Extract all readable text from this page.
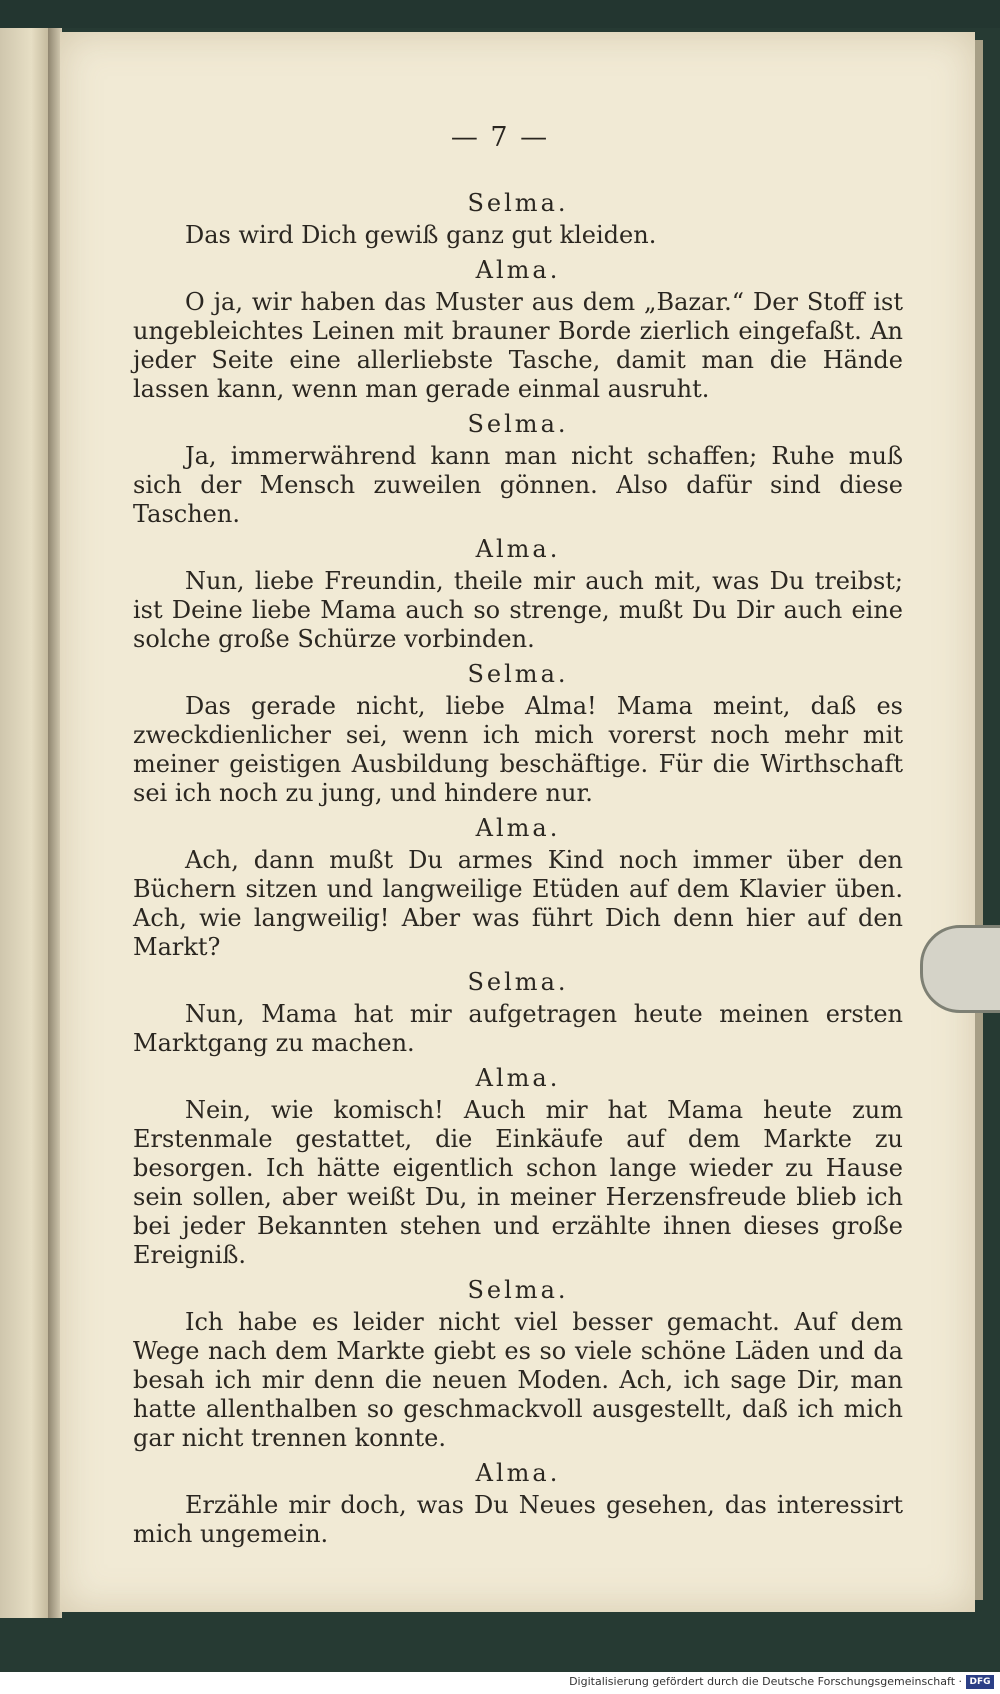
— 7 —
Selma.

Das wird Dich gewiß ganz gut kleiden.

Alma.

O ja, wir haben das Muster aus dem „Bazar.“ Der Stoff ist ungebleichtes Leinen mit brauner Borde zierlich eingefaßt. An jeder Seite eine allerliebste Tasche, damit man die Hände lassen kann, wenn man gerade einmal ausruht.

Selma.

Ja, immerwährend kann man nicht schaffen; Ruhe muß sich der Mensch zuweilen gönnen. Also dafür sind diese Taschen.

Alma.

Nun, liebe Freundin, theile mir auch mit, was Du treibst; ist Deine liebe Mama auch so strenge, mußt Du Dir auch eine solche große Schürze vorbinden.

Selma.

Das gerade nicht, liebe Alma! Mama meint, daß es zweckdienlicher sei, wenn ich mich vorerst noch mehr mit meiner geistigen Ausbildung beschäftige. Für die Wirthschaft sei ich noch zu jung, und hindere nur.

Alma.

Ach, dann mußt Du armes Kind noch immer über den Büchern sitzen und langweilige Etüden auf dem Klavier üben. Ach, wie langweilig! Aber was führt Dich denn hier auf den Markt?

Selma.

Nun, Mama hat mir aufgetragen heute meinen ersten Marktgang zu machen.

Alma.

Nein, wie komisch! Auch mir hat Mama heute zum Erstenmale gestattet, die Einkäufe auf dem Markte zu besorgen. Ich hätte eigentlich schon lange wieder zu Hause sein sollen, aber weißt Du, in meiner Herzensfreude blieb ich bei jeder Bekannten stehen und erzählte ihnen dieses große Ereigniß.

Selma.

Ich habe es leider nicht viel besser gemacht. Auf dem Wege nach dem Markte giebt es so viele schöne Läden und da besah ich mir denn die neuen Moden. Ach, ich sage Dir, man hatte allenthalben so geschmackvoll ausgestellt, daß ich mich gar nicht trennen konnte.

Alma.

Erzähle mir doch, was Du Neues gesehen, das interessirt mich ungemein.

Digitalisierung gefördert durch die Deutsche Forschungsgemeinschaft · DFG
